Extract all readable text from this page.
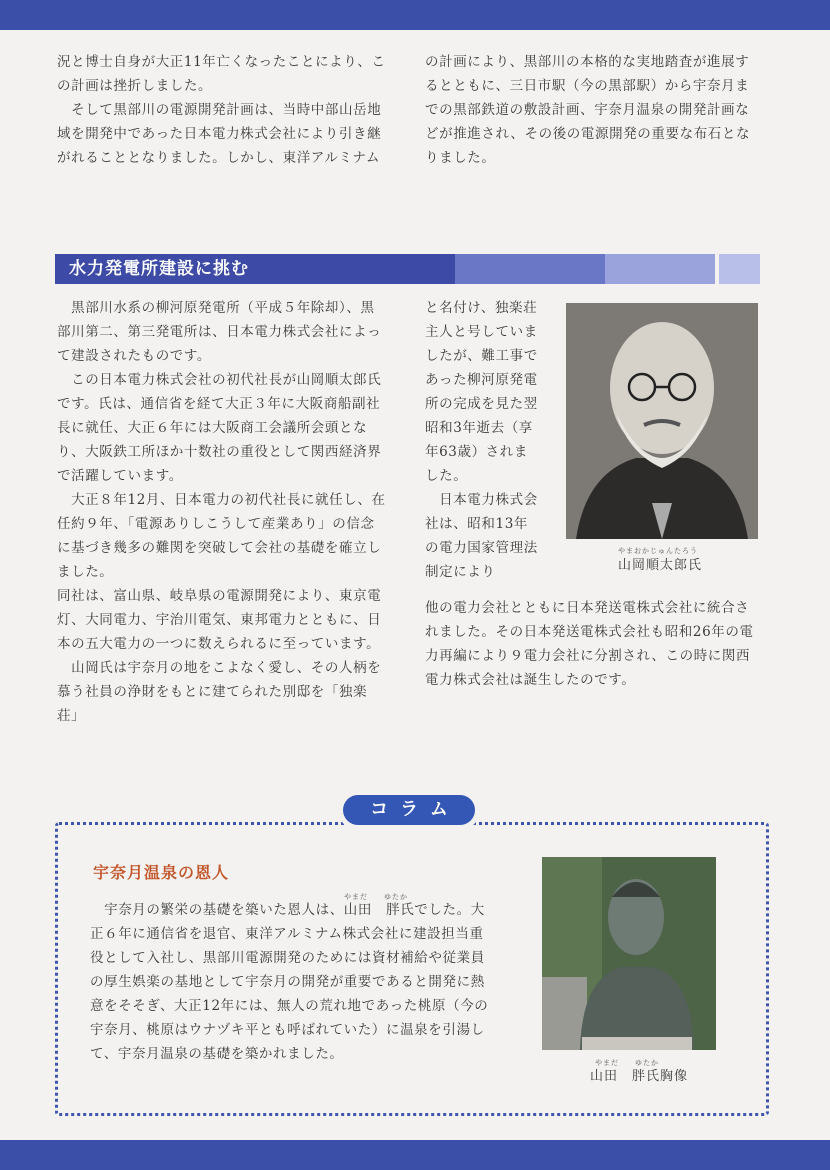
況と博士自身が大正11年亡くなったことにより、この計画は挫折しました。
　そして黒部川の電源開発計画は、当時中部山岳地域を開発中であった日本電力株式会社により引き継がれることとなりました。しかし、東洋アルミナム

の計画により、黒部川の本格的な実地踏査が進展するとともに、三日市駅（今の黒部駅）から宇奈月までの黒部鉄道の敷設計画、宇奈月温泉の開発計画などが推進され、その後の電源開発の重要な布石となりました。

水力発電所建設に挑む

　黒部川水系の柳河原発電所（平成５年除却）、黒部川第二、第三発電所は、日本電力株式会社によって建設されたものです。
　この日本電力株式会社の初代社長が山岡順太郎氏です。氏は、通信省を経て大正３年に大阪商船副社長に就任、大正６年には大阪商工会議所会頭となり、大阪鉄工所ほか十数社の重役として関西経済界で活躍しています。
　大正８年12月、日本電力の初代社長に就任し、在任約９年、「電源ありしこうして産業あり」の信念に基づき幾多の難関を突破して会社の基礎を確立しました。
同社は、富山県、岐阜県の電源開発により、東京電灯、大同電力、宇治川電気、東邦電力とともに、日本の五大電力の一つに数えられるに至っています。
　山岡氏は宇奈月の地をこよなく愛し、その人柄を慕う社員の浄財をもとに建てられた別邸を「独楽荘」

と名付け、独楽荘主人と号していましたが、難工事であった柳河原発電所の完成を見た翌昭和3年逝去（享年63歳）されました。
　日本電力株式会社は、昭和13年の電力国家管理法制定により

他の電力会社とともに日本発送電株式会社に統合されました。その日本発送電株式会社も昭和26年の電力再編により９電力会社に分割され、この時に関西電力株式会社は誕生したのです。

やまおかじゅんたろう

山岡順太郎氏

コラム
宇奈月温泉の恩人

やまだ　　ゆたか

　宇奈月の繁栄の基礎を築いた恩人は、山田　胖氏でした。大正６年に通信省を退官、東洋アルミナム株式会社に建設担当重役として入社し、黒部川電源開発のためには資材補給や従業員の厚生娯楽の基地として宇奈月の開発が重要であると開発に熱意をそそぎ、大正12年には、無人の荒れ地であった桃原（今の宇奈月、桃原はウナヅキ平とも呼ばれていた）に温泉を引湯して、宇奈月温泉の基礎を築かれました。

やまだ　　ゆたか

山田　胖氏胸像
